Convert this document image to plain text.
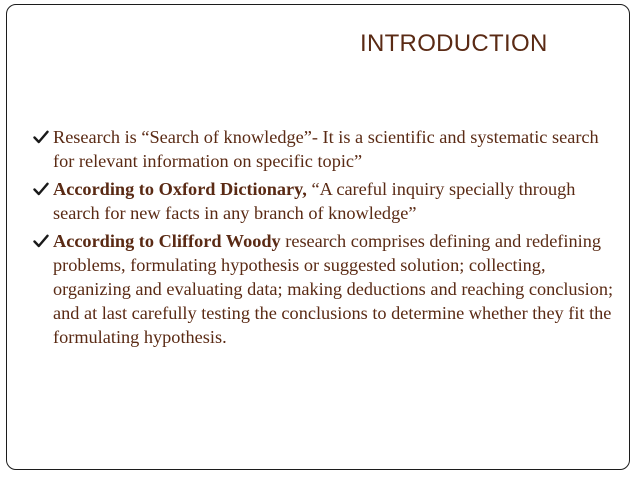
INTRODUCTION
Research is “Search of knowledge”- It is a scientific and systematic search for relevant information on specific topic”
According to Oxford Dictionary, “A careful inquiry specially through search for new facts in any branch of knowledge”
According to Clifford Woody research comprises defining and redefining problems, formulating hypothesis or suggested solution; collecting, organizing and evaluating data; making deductions and reaching conclusion; and at last carefully testing the conclusions to determine whether they fit the formulating hypothesis.
